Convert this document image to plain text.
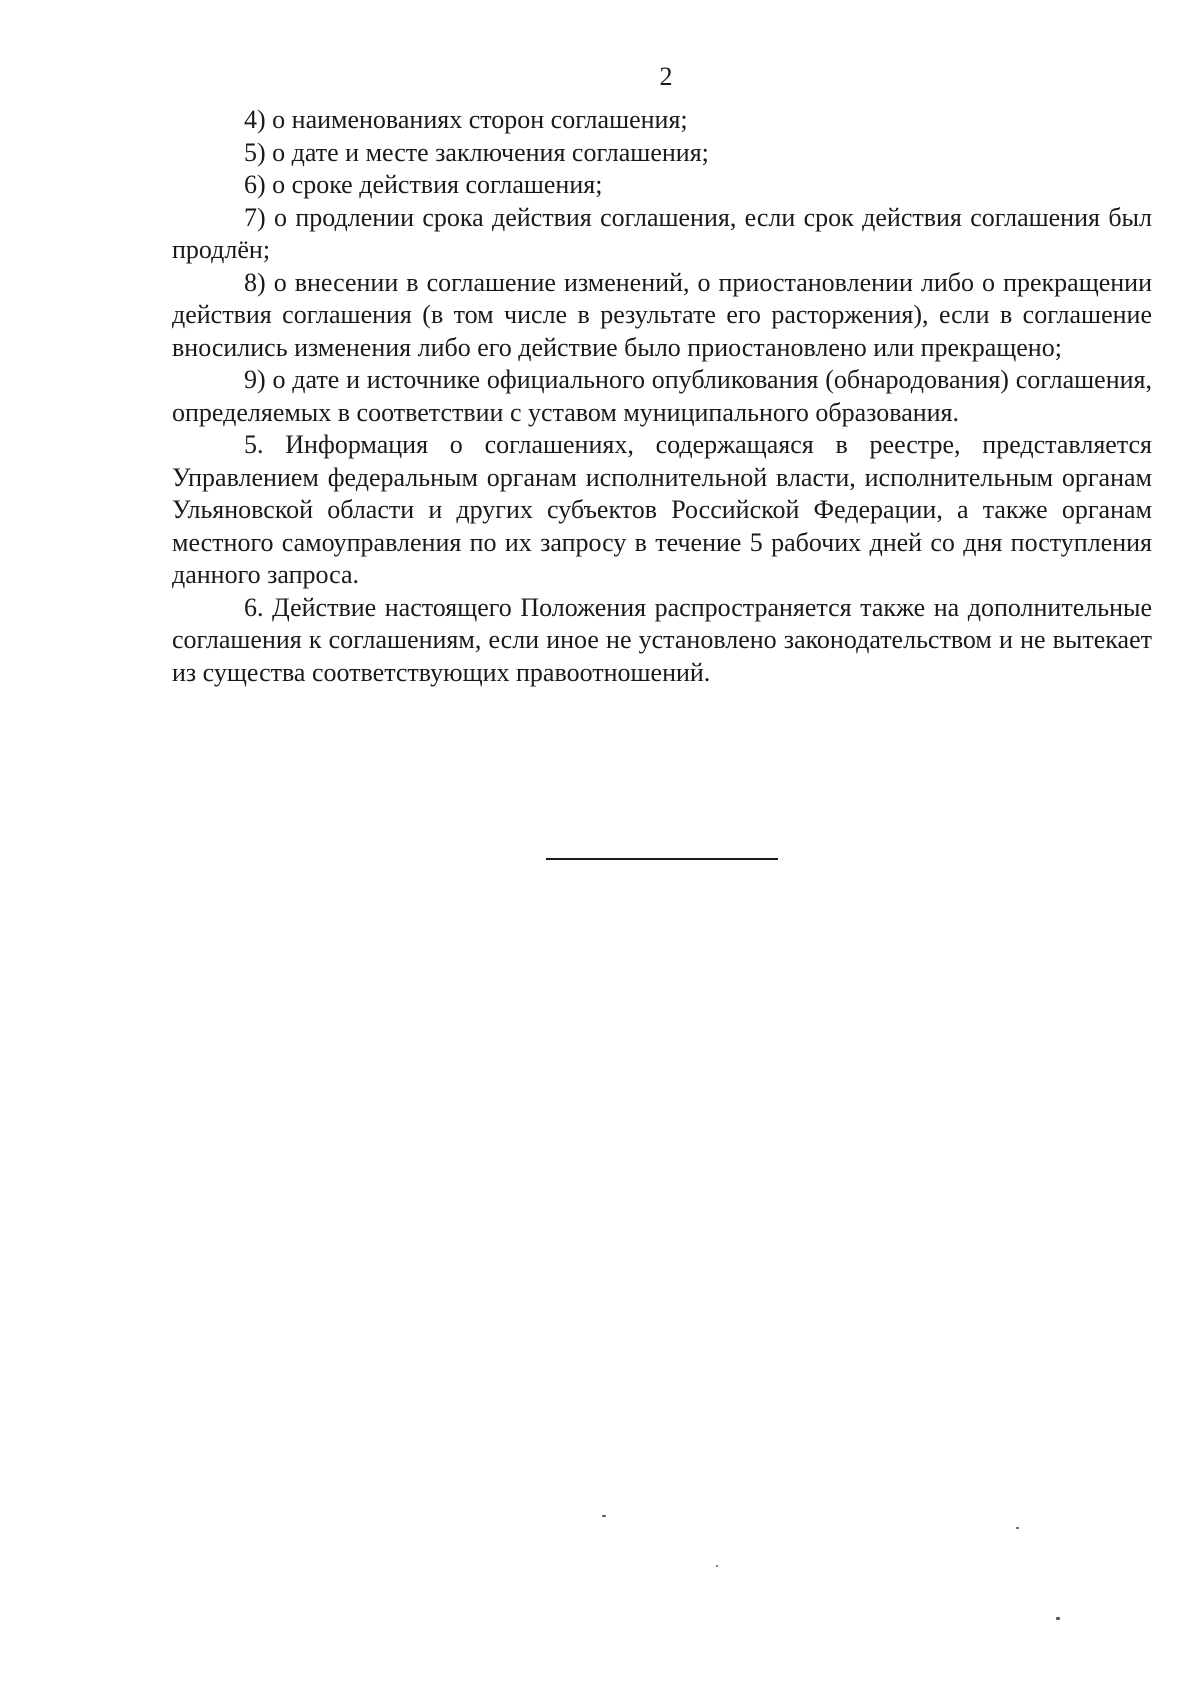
2

4) о наименованиях сторон соглашения;

5) о дате и месте заключения соглашения;

6) о сроке действия соглашения;

7) о продлении срока действия соглашения, если срок действия соглашения был продлён;

8) о внесении в соглашение изменений, о приостановлении либо о прекращении действия соглашения (в том числе в результате его расторжения), если в соглашение вносились изменения либо его действие было приостановлено или прекращено;

9) о дате и источнике официального опубликования (обнародования) соглашения, определяемых в соответствии с уставом муниципального образования.

5. Информация о соглашениях, содержащаяся в реестре, представляется Управлением федеральным органам исполнительной власти, исполнительным органам Ульяновской области и других субъектов Российской Федерации, а также органам местного самоуправления по их запросу в течение 5 рабочих дней со дня поступления данного запроса.

6. Действие настоящего Положения распространяется также на дополнительные соглашения к соглашениям, если иное не установлено законодательством и не вытекает из существа соответствующих правоотношений.
